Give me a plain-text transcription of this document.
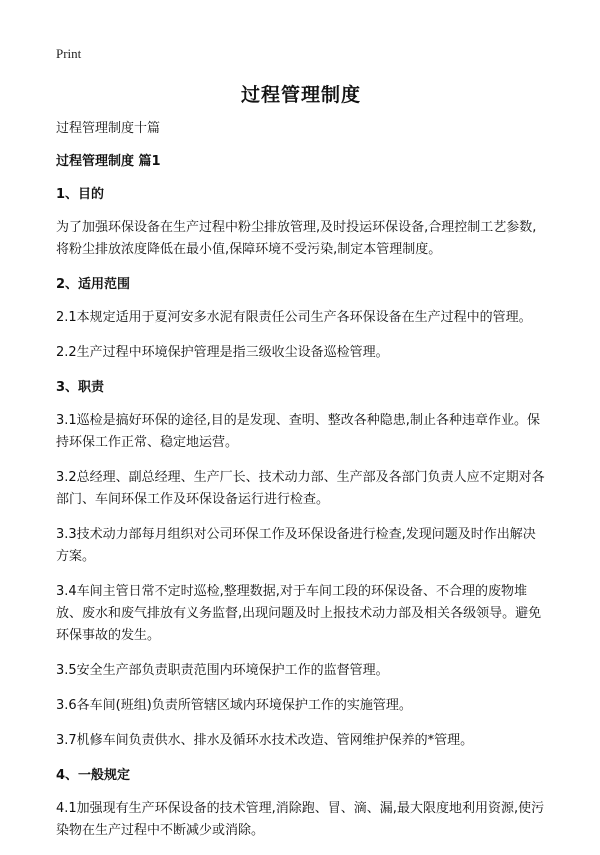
Print
过程管理制度

过程管理制度十篇

过程管理制度 篇1

1、目的

为了加强环保设备在生产过程中粉尘排放管理,及时投运环保设备,合理控制工艺参数,将粉尘排放浓度降低在最小值,保障环境不受污染,制定本管理制度。

2、适用范围

2.1本规定适用于夏河安多水泥有限责任公司生产各环保设备在生产过程中的管理。

2.2生产过程中环境保护管理是指三级收尘设备巡检管理。

3、职责

3.1巡检是搞好环保的途径,目的是发现、查明、整改各种隐患,制止各种违章作业。保持环保工作正常、稳定地运营。

3.2总经理、副总经理、生产厂长、技术动力部、生产部及各部门负责人应不定期对各部门、车间环保工作及环保设备运行进行检查。

3.3技术动力部每月组织对公司环保工作及环保设备进行检查,发现问题及时作出解决方案。

3.4车间主管日常不定时巡检,整理数据,对于车间工段的环保设备、不合理的废物堆放、废水和废气排放有义务监督,出现问题及时上报技术动力部及相关各级领导。避免环保事故的发生。

3.5安全生产部负责职责范围内环境保护工作的监督管理。

3.6各车间(班组)负责所管辖区域内环境保护工作的实施管理。

3.7机修车间负责供水、排水及循环水技术改造、管网维护保养的*管理。

4、一般规定

4.1加强现有生产环保设备的技术管理,消除跑、冒、滴、漏,最大限度地利用资源,使污染物在生产过程中不断减少或消除。
